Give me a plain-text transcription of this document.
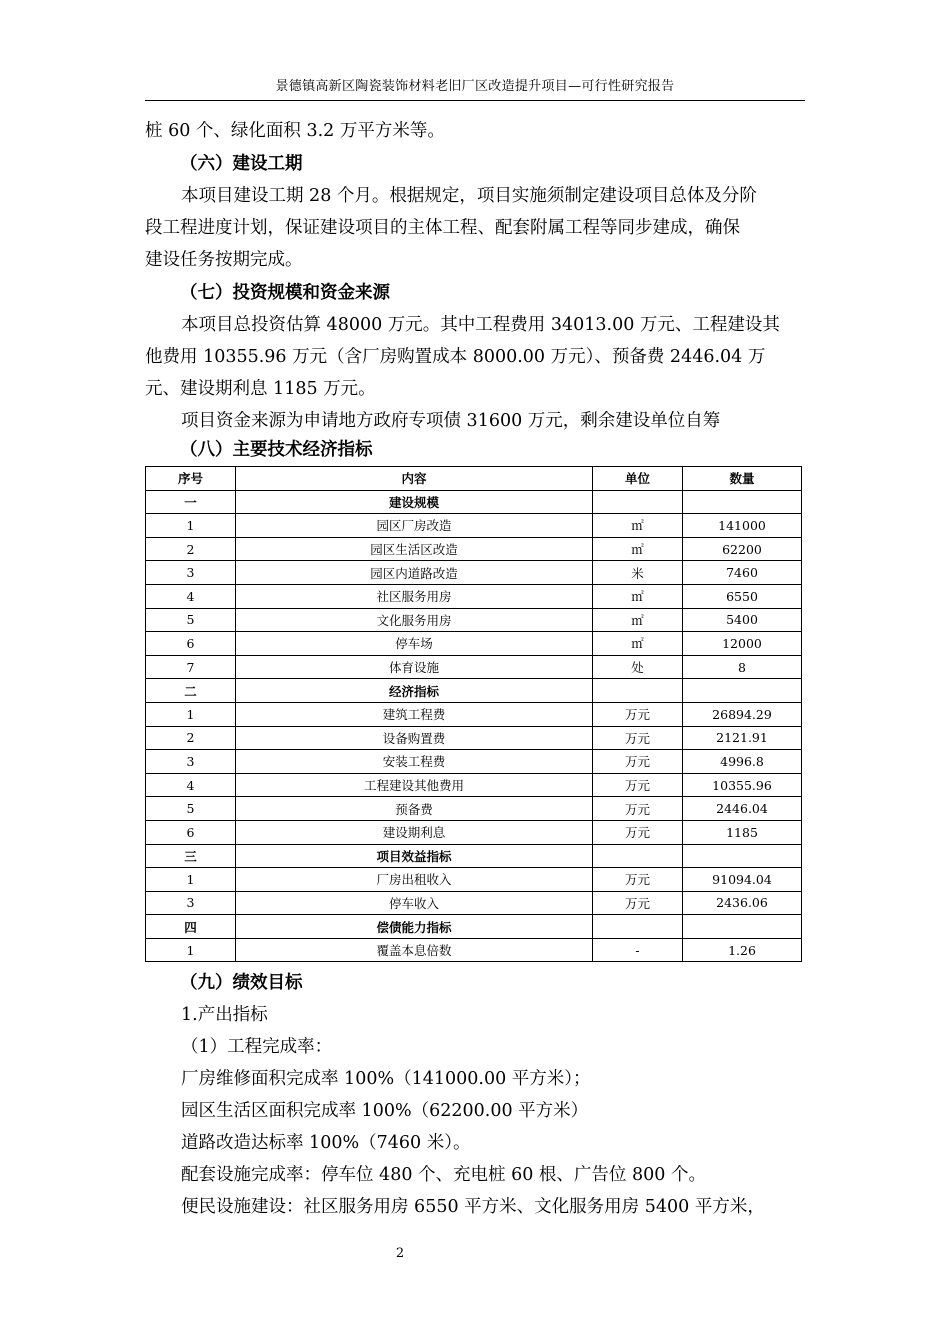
景德镇高新区陶瓷装饰材料老旧厂区改造提升项目—可行性研究报告
桩 60 个、绿化面积 3.2 万平方米等。
（六）建设工期
本项目建设工期 28 个月。根据规定，项目实施须制定建设项目总体及分阶
段工程进度计划，保证建设项目的主体工程、配套附属工程等同步建成，确保
建设任务按期完成。
（七）投资规模和资金来源
本项目总投资估算 48000 万元。其中工程费用 34013.00 万元、工程建设其
他费用 10355.96 万元（含厂房购置成本 8000.00 万元）、预备费 2446.04 万
元、建设期利息 1185 万元。
项目资金来源为申请地方政府专项债 31600 万元，剩余建设单位自筹
（八）主要技术经济指标
序号	内容	单位	数量
一	建设规模		
1	园区厂房改造	㎡	141000
2	园区生活区改造	㎡	62200
3	园区内道路改造	米	7460
4	社区服务用房	㎡	6550
5	文化服务用房	㎡	5400
6	停车场	㎡	12000
7	体育设施	处	8
二	经济指标		
1	建筑工程费	万元	26894.29
2	设备购置费	万元	2121.91
3	安装工程费	万元	4996.8
4	工程建设其他费用	万元	10355.96
5	预备费	万元	2446.04
6	建设期利息	万元	1185
三	项目效益指标		
1	厂房出租收入	万元	91094.04
3	停车收入	万元	2436.06
四	偿债能力指标		
1	覆盖本息倍数	-	1.26
（九）绩效目标
1.产出指标
（1）工程完成率：
厂房维修面积完成率 100%（141000.00 平方米）；
园区生活区面积完成率 100%（62200.00 平方米）
道路改造达标率 100%（7460 米）。
配套设施完成率：停车位 480 个、充电桩 60 根、广告位 800 个。
便民设施建设：社区服务用房 6550 平方米、文化服务用房 5400 平方米，
2
